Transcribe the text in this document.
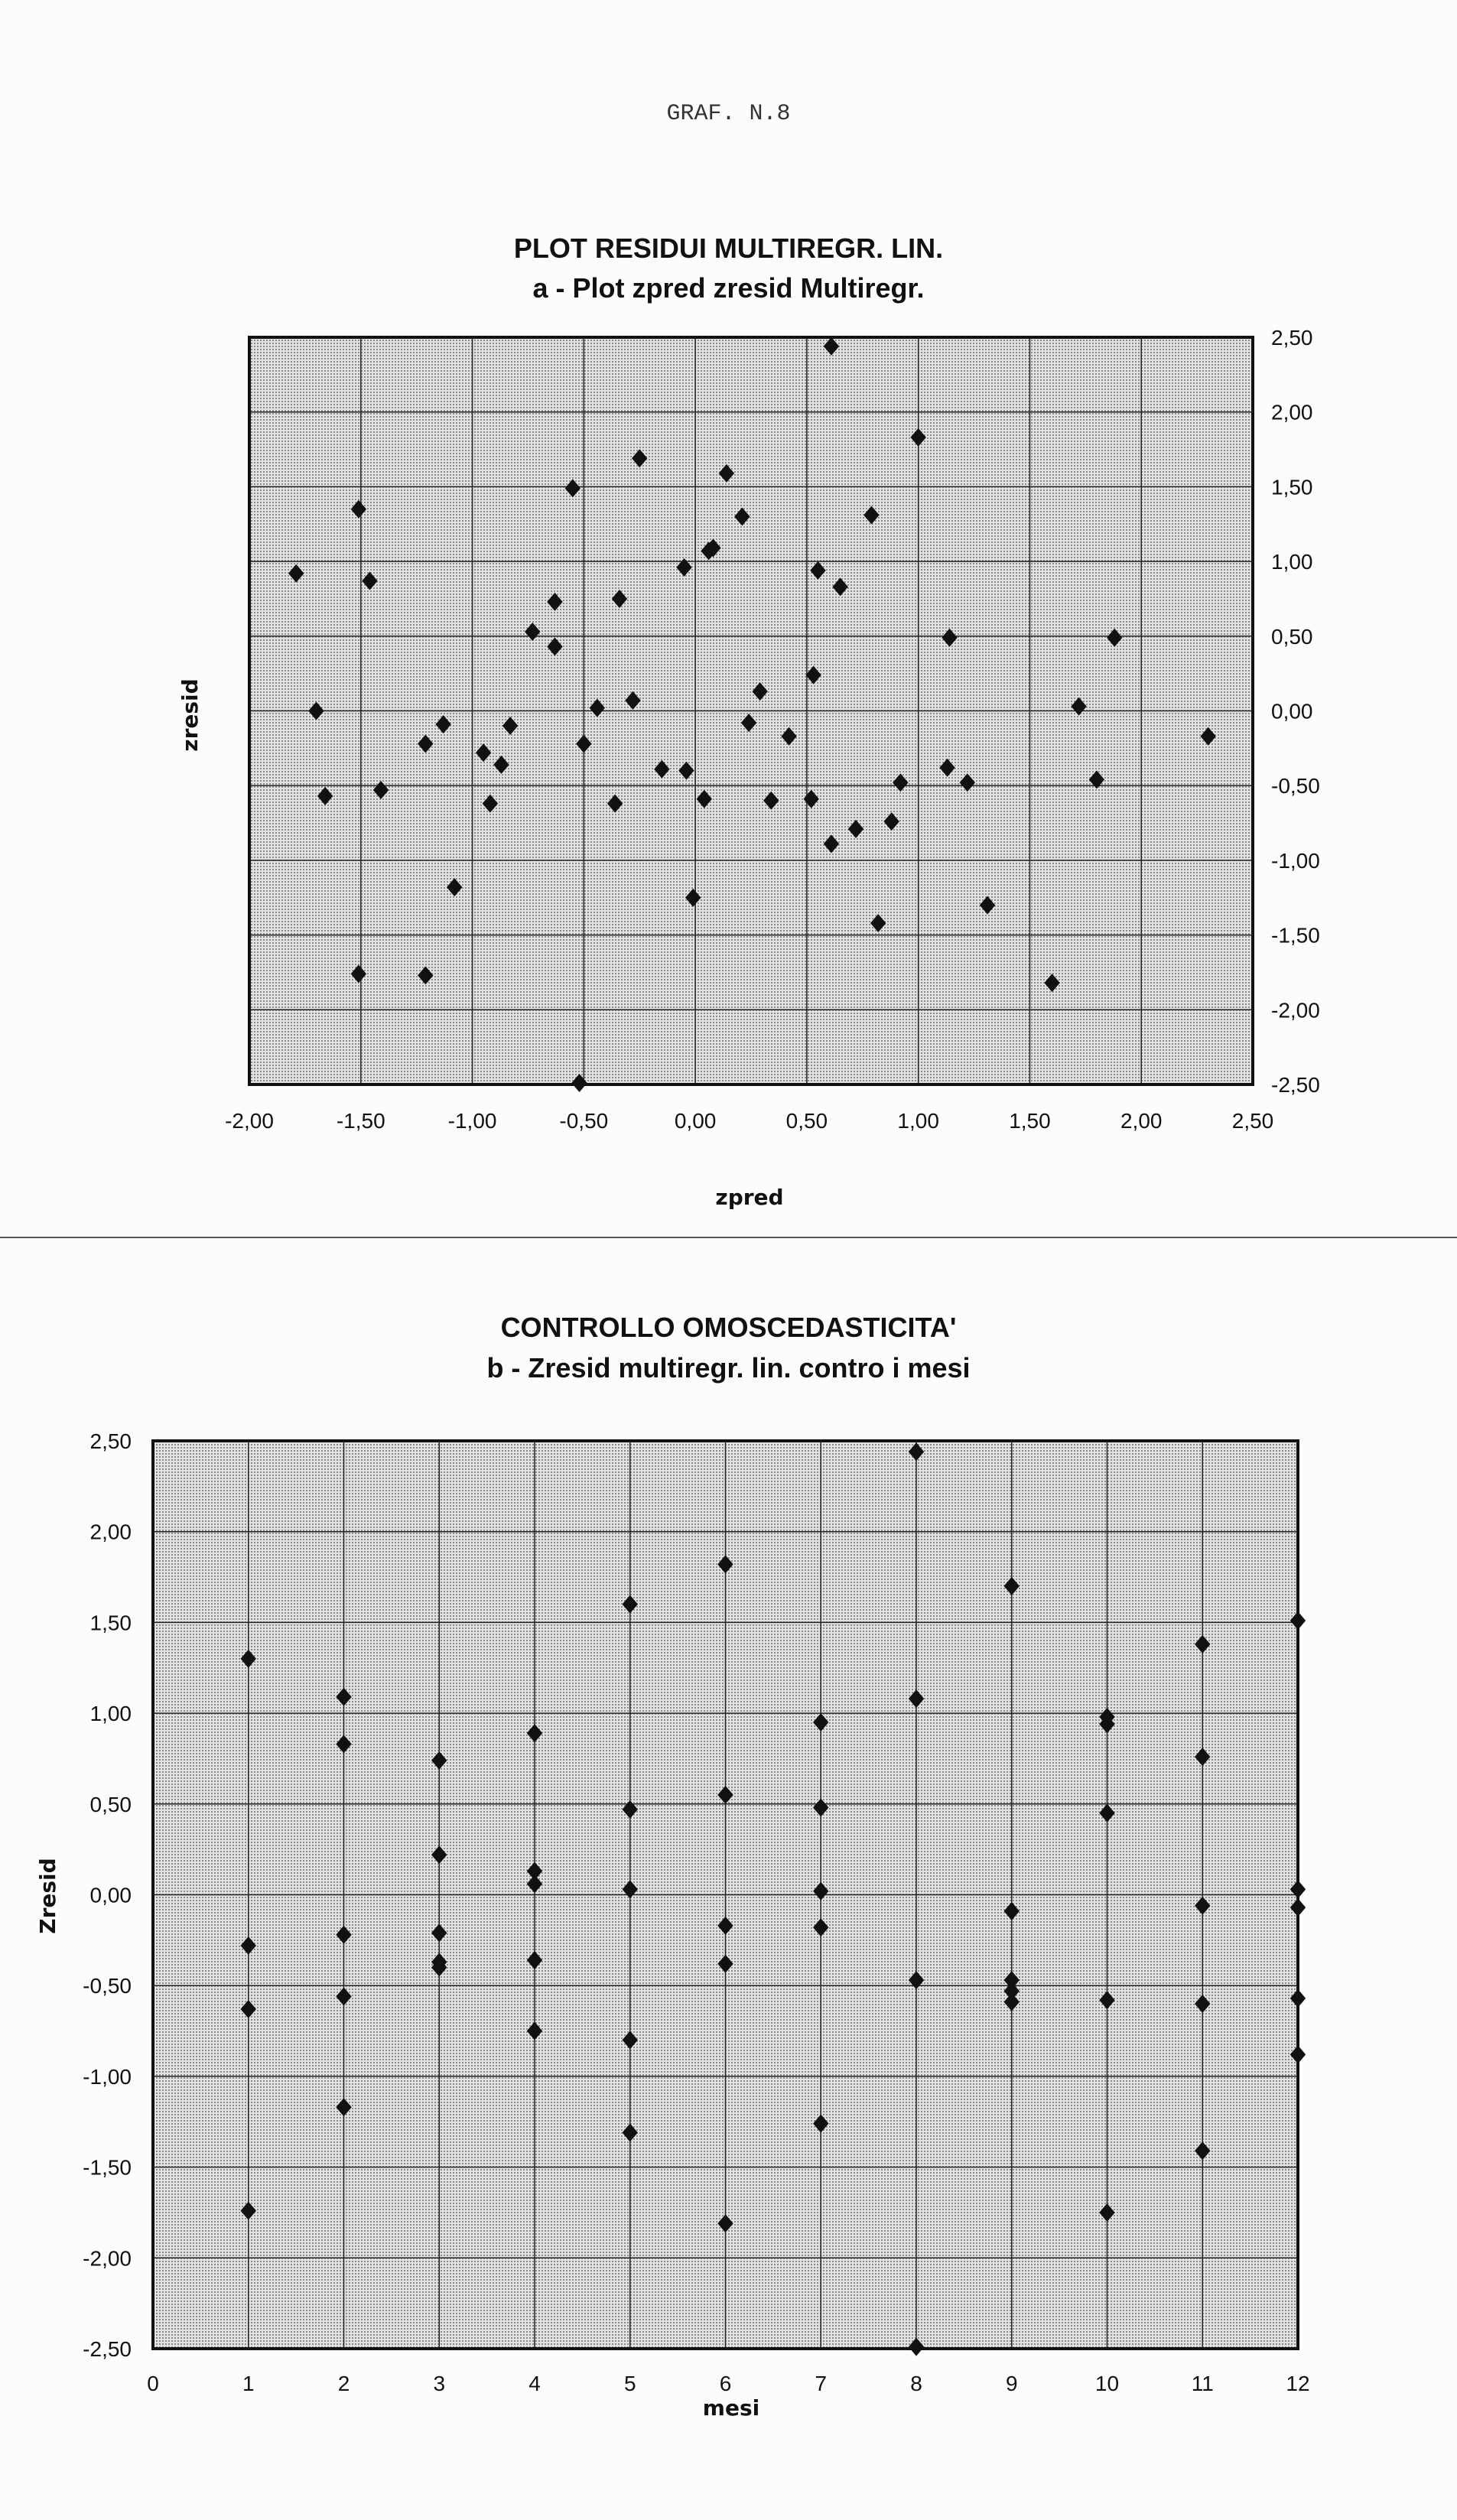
GRAF. N.8
PLOT RESIDUI MULTIREGR. LIN.
a - Plot zpred zresid Multiregr.
CONTROLLO OMOSCEDASTICITA'
b - Zresid multiregr. lin. contro i mesi
-2,00	-1,50	-1,00	-0,50	0,00	0,50	1,00	1,50	2,00	2,50
2,50
2,00
1,50
1,00
0,50
0,00
-0,50
-1,00
-1,50
-2,00
-2,50
zpred
zresid
0	1	2	3	4	5	6	7	8	9	10	11	12
2,50
2,00
1,50
1,00
0,50
0,00
-0,50
-1,00
-1,50
-2,00
-2,50
mesi
Zresid
